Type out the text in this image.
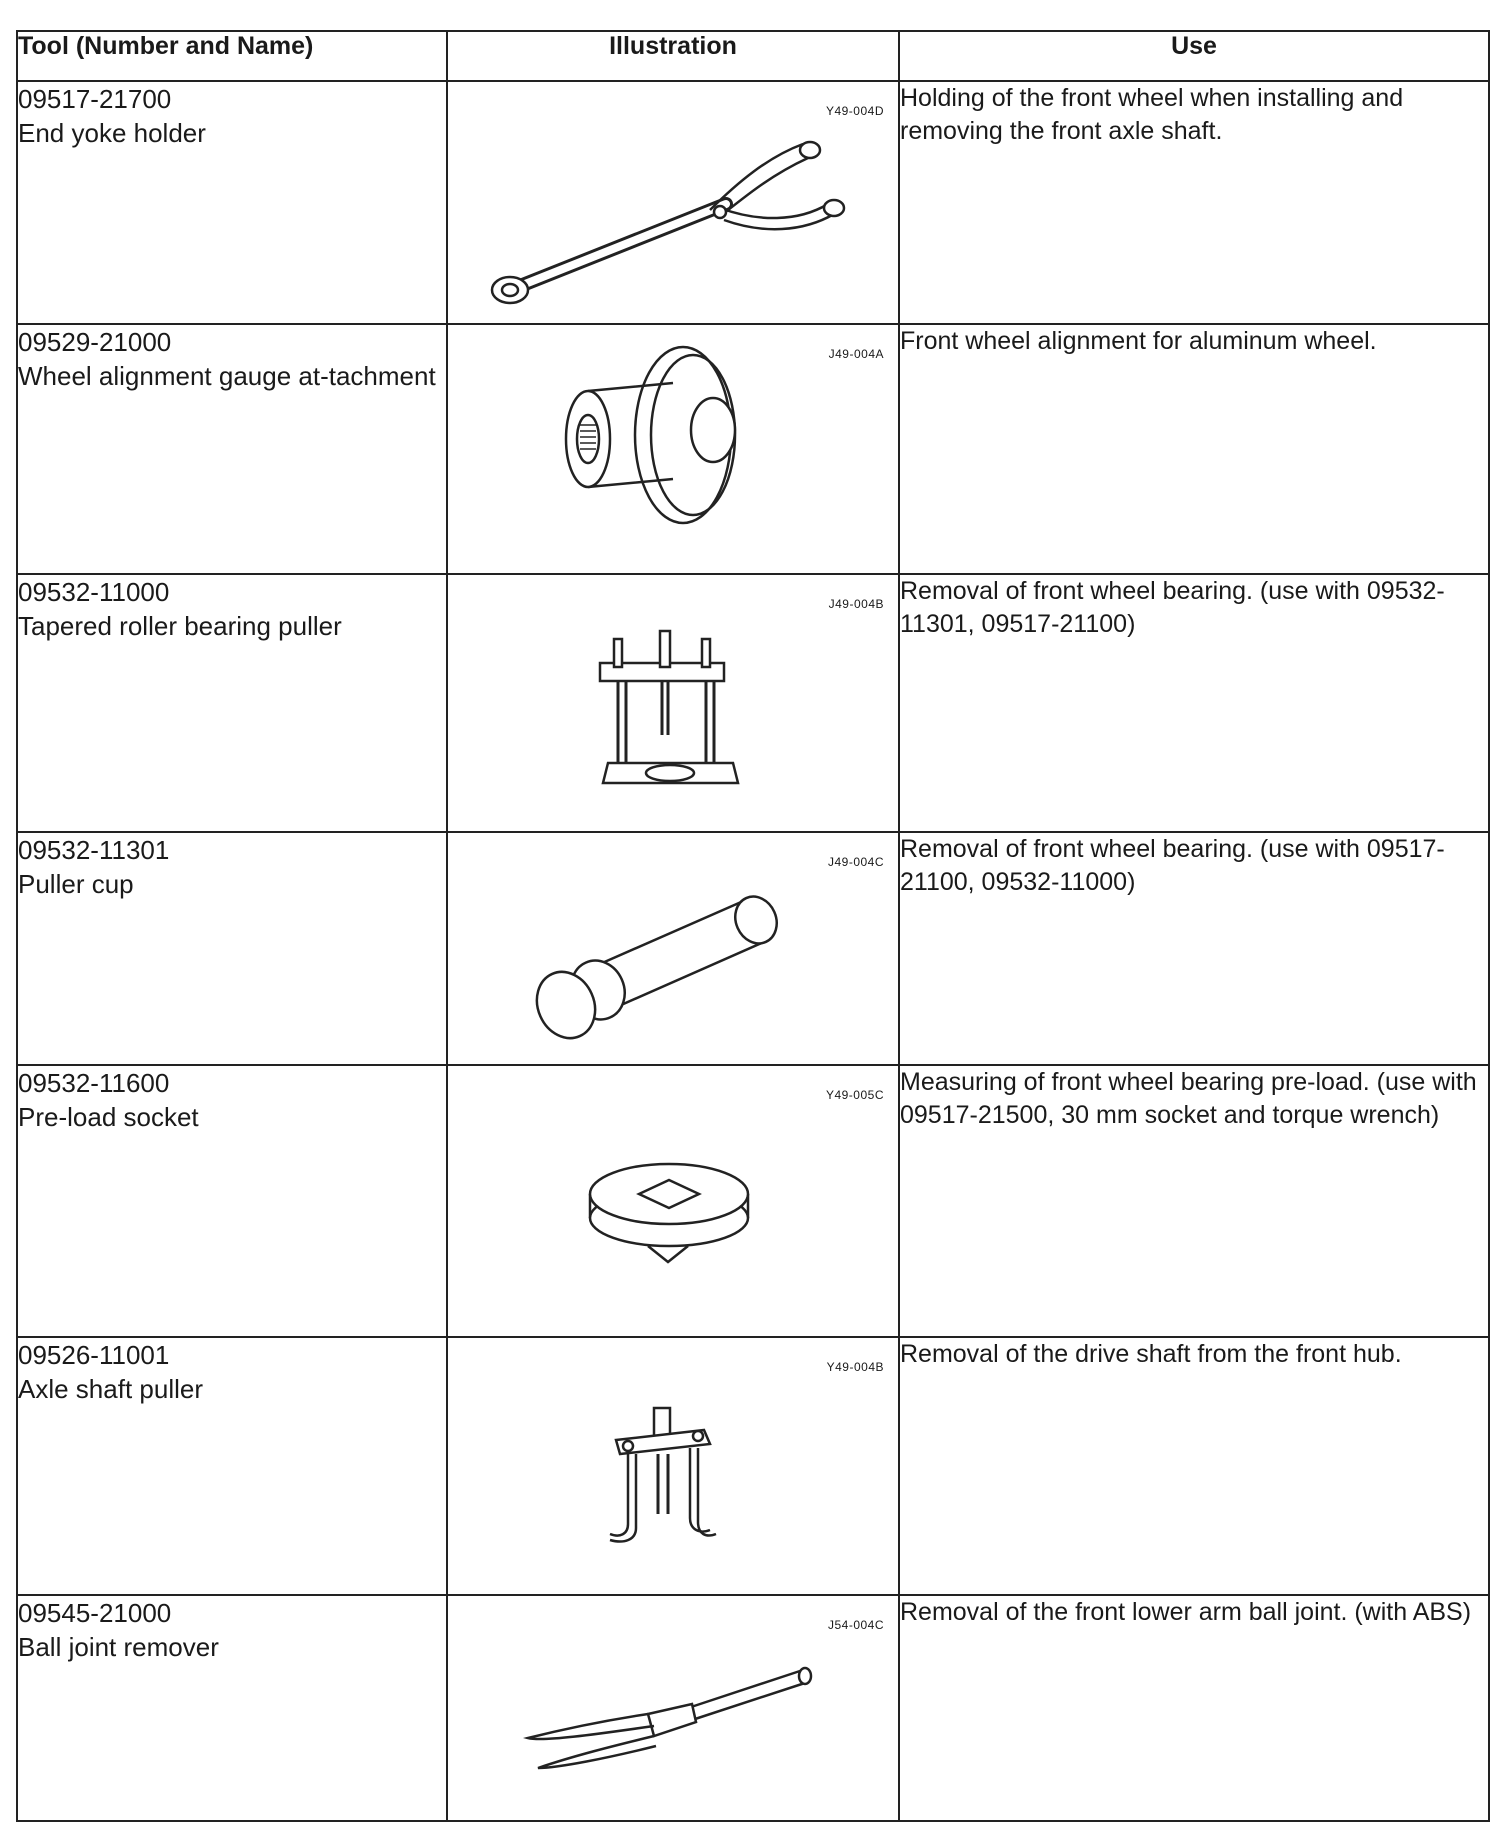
Tool (Number and Name)	Illustration	Use

09517-21700
End yoke holder	Y49-004D	Holding of the front wheel when installing and removing the front axle shaft.

09529-21000
Wheel alignment gauge at-tachment	J49-004A	Front wheel alignment for aluminum wheel.

09532-11000
Tapered roller bearing puller	J49-004B	Removal of front wheel bearing. (use with 09532-11301, 09517-21100)

09532-11301
Puller cup	J49-004C	Removal of front wheel bearing. (use with 09517-21100, 09532-11000)

09532-11600
Pre-load socket	Y49-005C	Measuring of front wheel bearing pre-load. (use with 09517-21500, 30 mm socket and torque wrench)

09526-11001
Axle shaft puller	Y49-004B	Removal of the drive shaft from the front hub.

09545-21000
Ball joint remover	J54-004C	Removal of the front lower arm ball joint. (with ABS)
